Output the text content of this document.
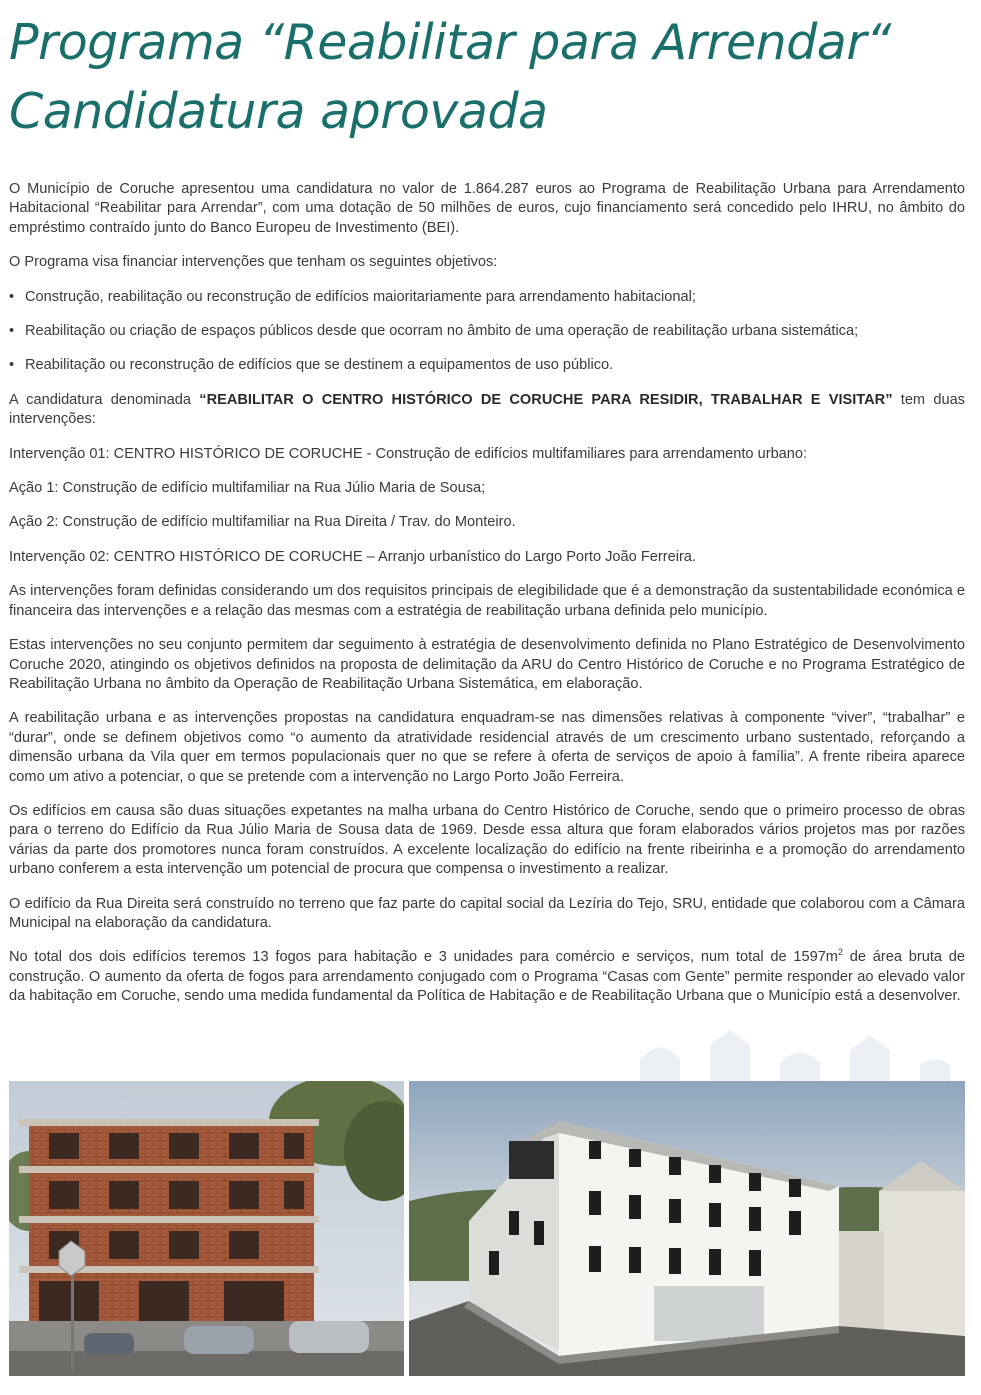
Programa “Reabilitar para Arrendar“
Candidatura aprovada

O Município de Coruche apresentou uma candidatura no valor de 1.864.287 euros ao Programa de Reabilitação Urbana para Arrendamento Habitacional “Reabilitar para Arrendar”, com uma dotação de 50 milhões de euros, cujo financiamento será concedido pelo IHRU, no âmbito do empréstimo contraído junto do Banco Europeu de Investimento (BEI).

O Programa visa financiar intervenções que tenham os seguintes objetivos:

• Construção, reabilitação ou reconstrução de edifícios maioritariamente para arrendamento habitacional;
• Reabilitação ou criação de espaços públicos desde que ocorram no âmbito de uma operação de reabilitação urbana sistemática;
• Reabilitação ou reconstrução de edifícios que se destinem a equipamentos de uso público.

A candidatura denominada “REABILITAR O CENTRO HISTÓRICO DE CORUCHE PARA RESIDIR, TRABALHAR E VISITAR” tem duas intervenções:

Intervenção 01: CENTRO HISTÓRICO DE CORUCHE - Construção de edifícios multifamiliares para arrendamento urbano:

Ação 1: Construção de edifício multifamiliar na Rua Júlio Maria de Sousa;

Ação 2: Construção de edifício multifamiliar na Rua Direita / Trav. do Monteiro.

Intervenção 02: CENTRO HISTÓRICO DE CORUCHE – Arranjo urbanístico do Largo Porto João Ferreira.

As intervenções foram definidas considerando um dos requisitos principais de elegibilidade que é a demonstração da sustentabilidade económica e financeira das intervenções e a relação das mesmas com a estratégia de reabilitação urbana definida pelo município.

Estas intervenções no seu conjunto permitem dar seguimento à estratégia de desenvolvimento definida no Plano Estratégico de Desenvolvimento Coruche 2020, atingindo os objetivos definidos na proposta de delimitação da ARU do Centro Histórico de Coruche e no Programa Estratégico de Reabilitação Urbana no âmbito da Operação de Reabilitação Urbana Sistemática, em elaboração.

A reabilitação urbana e as intervenções propostas na candidatura enquadram-se nas dimensões relativas à componente “viver”, “trabalhar” e “durar”, onde se definem objetivos como “o aumento da atratividade residencial através de um crescimento urbano sustentado, reforçando a dimensão urbana da Vila quer em termos populacionais quer no que se refere à oferta de serviços de apoio à família”. A frente ribeira aparece como um ativo a potenciar, o que se pretende com a intervenção no Largo Porto João Ferreira.

Os edifícios em causa são duas situações expetantes na malha urbana do Centro Histórico de Coruche, sendo que o primeiro processo de obras para o terreno do Edifício da Rua Júlio Maria de Sousa data de 1969. Desde essa altura que foram elaborados vários projetos mas por razões várias da parte dos promotores nunca foram construídos. A excelente localização do edifício na frente ribeirinha e a promoção do arrendamento urbano conferem a esta intervenção um potencial de procura que compensa o investimento a realizar.

O edifício da Rua Direita será construído no terreno que faz parte do capital social da Lezíria do Tejo, SRU, entidade que colaborou com a Câmara Municipal na elaboração da candidatura.

No total dos dois edifícios teremos 13 fogos para habitação e 3 unidades para comércio e serviços, num total de $1597m^2$ de área bruta de construção. O aumento da oferta de fogos para arrendamento conjugado com o Programa “Casas com Gente” permite responder ao elevado valor da habitação em Coruche, sendo uma medida fundamental da Política de Habitação e de Reabilitação Urbana que o Município está a desenvolver.
